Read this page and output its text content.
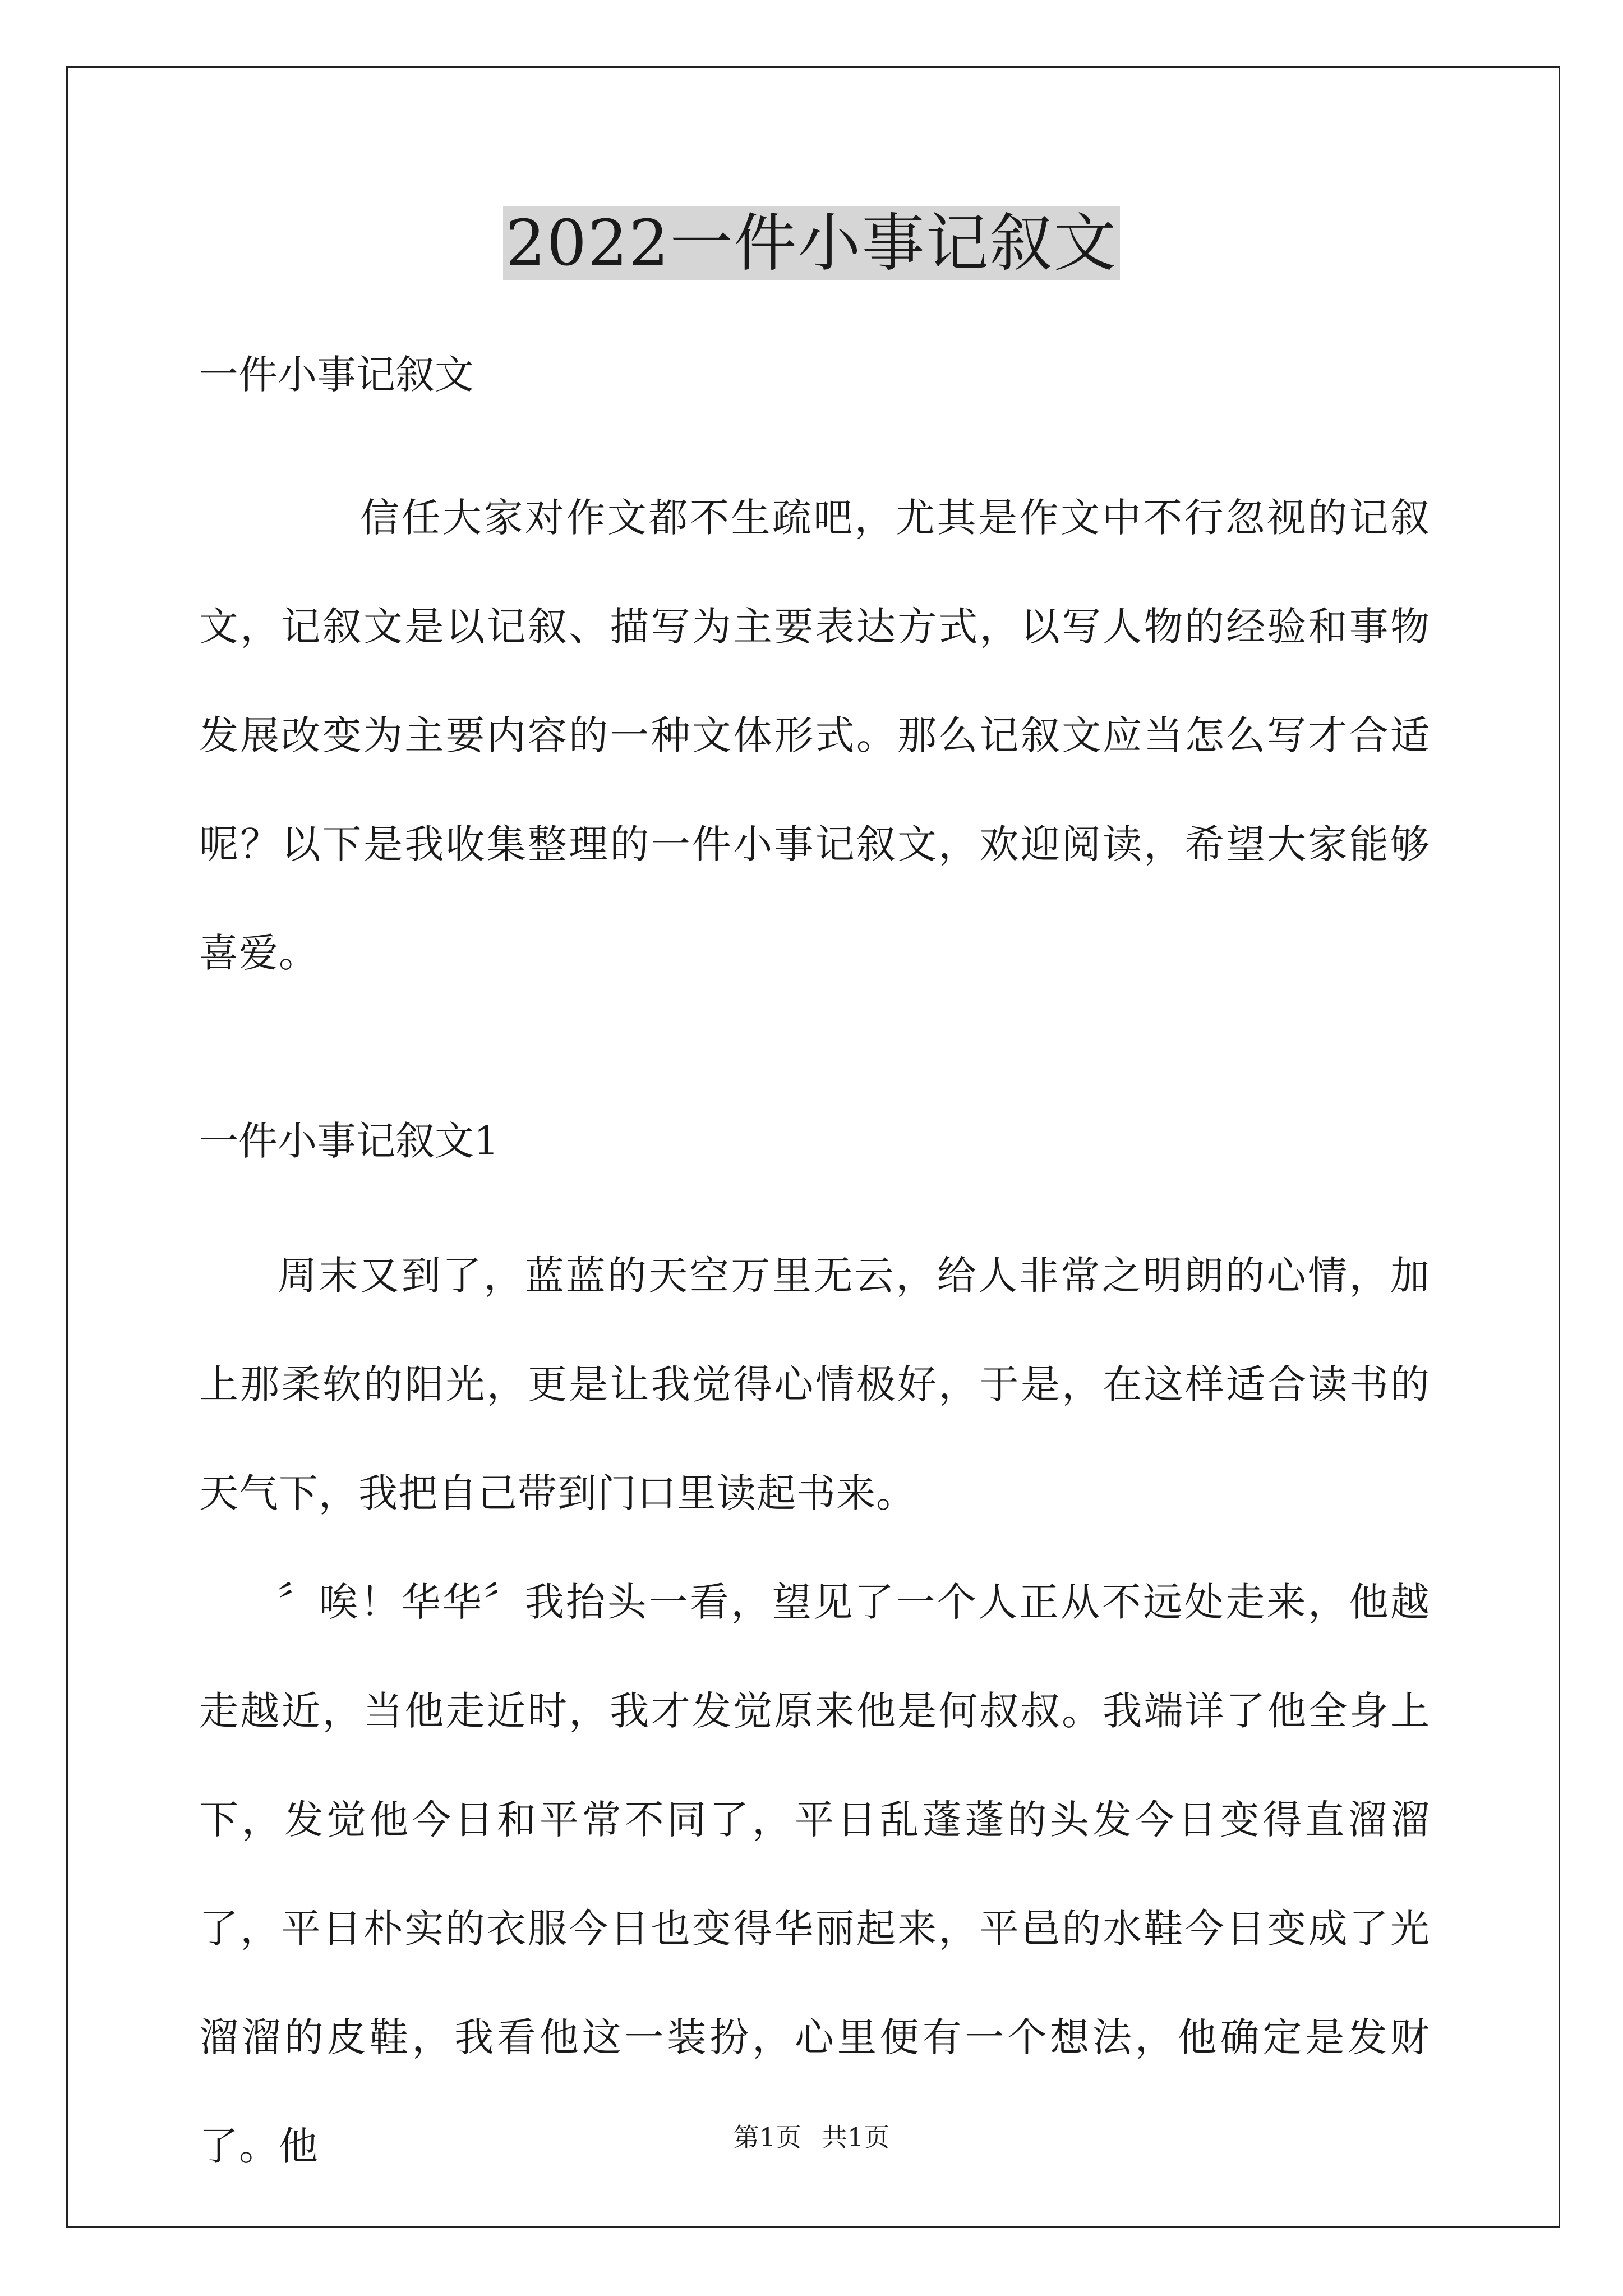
2022一件小事记叙文

一件小事记叙文

信任大家对作文都不生疏吧，尤其是作文中不行忽视的记叙文，记叙文是以记叙、描写为主要表达方式，以写人物的经验和事物发展改变为主要内容的一种文体形式。那么记叙文应当怎么写才合适呢？以下是我收集整理的一件小事记叙文，欢迎阅读，希望大家能够喜爱。

一件小事记叙文1

周末又到了，蓝蓝的天空万里无云，给人非常之明朗的心情，加上那柔软的阳光，更是让我觉得心情极好，于是，在这样适合读书的天气下，我把自己带到门口里读起书来。

〞唉！华华〞我抬头一看，望见了一个人正从不远处走来，他越走越近，当他走近时，我才发觉原来他是何叔叔。我端详了他全身上下，发觉他今日和平常不同了，平日乱蓬蓬的头发今日变得直溜溜了，平日朴实的衣服今日也变得华丽起来，平邑的水鞋今日变成了光溜溜的皮鞋，我看他这一装扮，心里便有一个想法，他确定是发财了。他	第1页 共1页
